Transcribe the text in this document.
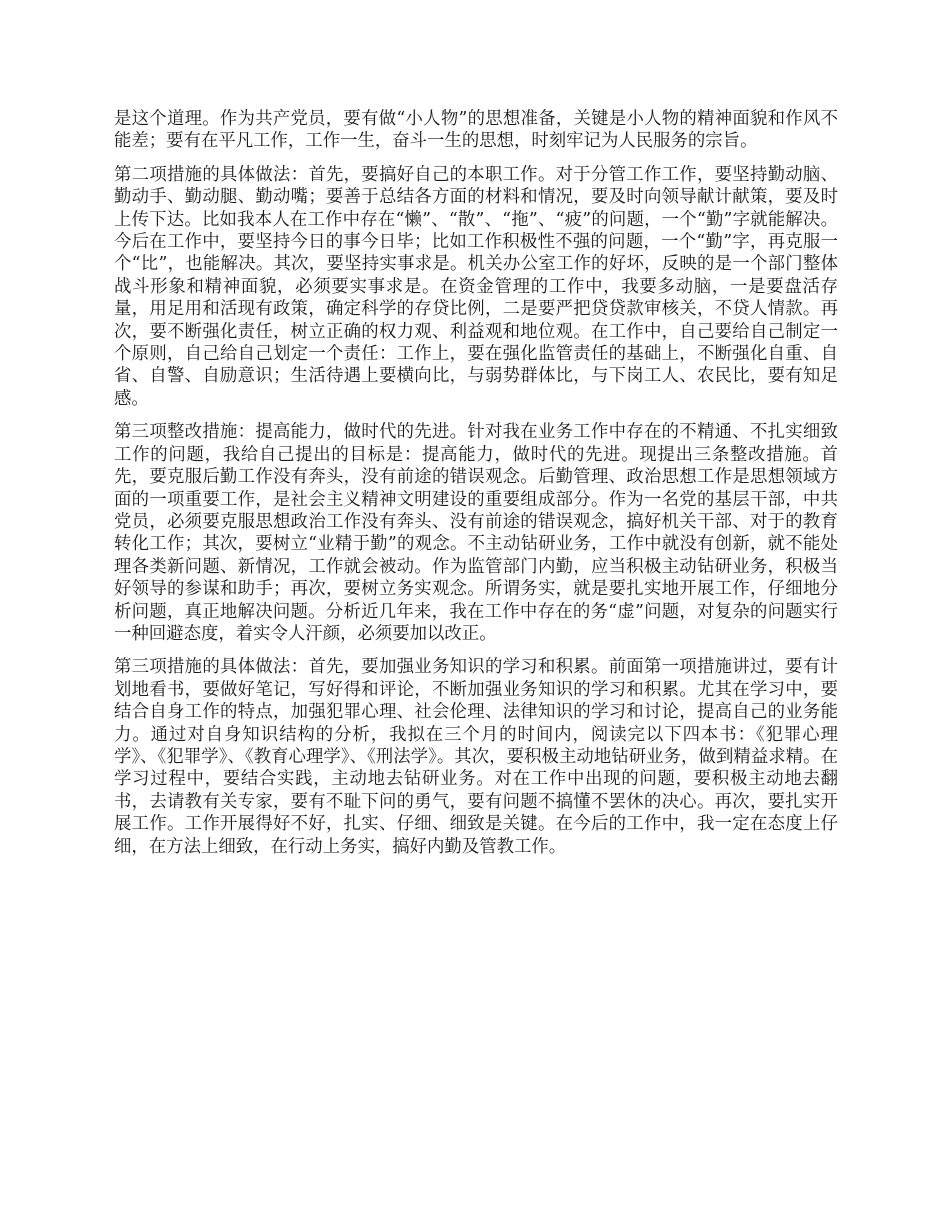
是这个道理。作为共产党员，要有做“小人物”的思想准备，关键是小人物的精神面貌和作风不能差；要有在平凡工作，工作一生，奋斗一生的思想，时刻牢记为人民服务的宗旨。

第二项措施的具体做法：首先，要搞好自己的本职工作。对于分管工作工作，要坚持勤动脑、勤动手、勤动腿、勤动嘴；要善于总结各方面的材料和情况，要及时向领导献计献策，要及时上传下达。比如我本人在工作中存在“懒”、“散”、“拖”、“疲”的问题，一个“勤”字就能解决。今后在工作中，要坚持今日的事今日毕；比如工作积极性不强的问题，一个“勤”字，再克服一个“比”，也能解决。其次，要坚持实事求是。机关办公室工作的好坏，反映的是一个部门整体战斗形象和精神面貌，必须要实事求是。在资金管理的工作中，我要多动脑，一是要盘活存量，用足用和活现有政策，确定科学的存贷比例，二是要严把贷贷款审核关，不贷人情款。再次，要不断强化责任，树立正确的权力观、利益观和地位观。在工作中，自己要给自己制定一个原则，自己给自己划定一个责任：工作上，要在强化监管责任的基础上，不断强化自重、自省、自警、自励意识；生活待遇上要横向比，与弱势群体比，与下岗工人、农民比，要有知足感。

第三项整改措施：提高能力，做时代的先进。针对我在业务工作中存在的不精通、不扎实细致工作的问题，我给自己提出的目标是：提高能力，做时代的先进。现提出三条整改措施。首先，要克服后勤工作没有奔头，没有前途的错误观念。后勤管理、政治思想工作是思想领域方面的一项重要工作，是社会主义精神文明建设的重要组成部分。作为一名党的基层干部，中共党员，必须要克服思想政治工作没有奔头、没有前途的错误观念，搞好机关干部、对于的教育转化工作；其次，要树立“业精于勤”的观念。不主动钻研业务，工作中就没有创新，就不能处理各类新问题、新情况，工作就会被动。作为监管部门内勤，应当积极主动钻研业务，积极当好领导的参谋和助手；再次，要树立务实观念。所谓务实，就是要扎实地开展工作，仔细地分析问题，真正地解决问题。分析近几年来，我在工作中存在的务“虚”问题，对复杂的问题实行一种回避态度，着实令人汗颜，必须要加以改正。

第三项措施的具体做法：首先，要加强业务知识的学习和积累。前面第一项措施讲过，要有计划地看书，要做好笔记，写好得和评论，不断加强业务知识的学习和积累。尤其在学习中，要结合自身工作的特点，加强犯罪心理、社会伦理、法律知识的学习和讨论，提高自己的业务能力。通过对自身知识结构的分析，我拟在三个月的时间内，阅读完以下四本书：《犯罪心理学》、《犯罪学》、《教育心理学》、《刑法学》。其次，要积极主动地钻研业务，做到精益求精。在学习过程中，要结合实践，主动地去钻研业务。对在工作中出现的问题，要积极主动地去翻书，去请教有关专家，要有不耻下问的勇气，要有问题不搞懂不罢休的决心。再次，要扎实开展工作。工作开展得好不好，扎实、仔细、细致是关键。在今后的工作中，我一定在态度上仔细，在方法上细致，在行动上务实，搞好内勤及管教工作。
